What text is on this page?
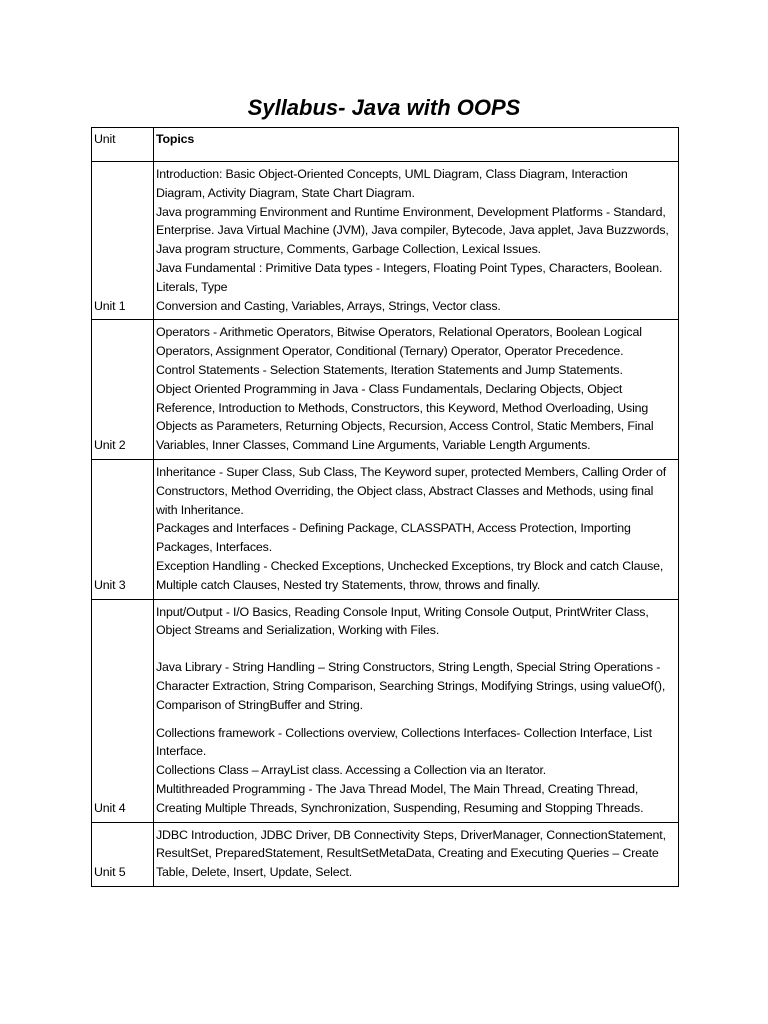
Syllabus- Java with OOPS
Unit	Topics
Unit 1	Introduction: Basic Object-Oriented Concepts, UML Diagram, Class Diagram, Interaction Diagram, Activity Diagram, State Chart Diagram.
Java programming Environment and Runtime Environment, Development Platforms - Standard, Enterprise. Java Virtual Machine (JVM), Java compiler, Bytecode, Java applet, Java Buzzwords, Java program structure, Comments, Garbage Collection, Lexical Issues.
Java Fundamental : Primitive Data types - Integers, Floating Point Types, Characters, Boolean. Literals, Type
Conversion and Casting, Variables, Arrays, Strings, Vector class.

Unit 2	Operators - Arithmetic Operators, Bitwise Operators, Relational Operators, Boolean Logical Operators, Assignment Operator, Conditional (Ternary) Operator, Operator Precedence.
Control Statements - Selection Statements, Iteration Statements and Jump Statements.
Object Oriented Programming in Java - Class Fundamentals, Declaring Objects, Object Reference, Introduction to Methods, Constructors, this Keyword, Method Overloading, Using Objects as Parameters, Returning Objects, Recursion, Access Control, Static Members, Final Variables, Inner Classes, Command Line Arguments, Variable Length Arguments.

Unit 3	Inheritance - Super Class, Sub Class, The Keyword super, protected Members, Calling Order of Constructors, Method Overriding, the Object class, Abstract Classes and Methods, using final with Inheritance.
Packages and Interfaces - Defining Package, CLASSPATH, Access Protection, Importing Packages, Interfaces.
Exception Handling - Checked Exceptions, Unchecked Exceptions, try Block and catch Clause, Multiple catch Clauses, Nested try Statements, throw, throws and finally.

Unit 4	Input/Output - I/O Basics, Reading Console Input, Writing Console Output, PrintWriter Class, Object Streams and Serialization, Working with Files.
Java Library - String Handling – String Constructors, String Length, Special String Operations - Character Extraction, String Comparison, Searching Strings, Modifying Strings, using valueOf(), Comparison of StringBuffer and String.
Collections framework - Collections overview, Collections Interfaces- Collection Interface, List Interface.
Collections Class – ArrayList class. Accessing a Collection via an Iterator.
Multithreaded Programming - The Java Thread Model, The Main Thread, Creating Thread, Creating Multiple Threads, Synchronization, Suspending, Resuming and Stopping Threads.

Unit 5	JDBC Introduction, JDBC Driver, DB Connectivity Steps, DriverManager, ConnectionStatement, ResultSet, PreparedStatement, ResultSetMetaData, Creating and Executing Queries – Create Table, Delete, Insert, Update, Select.
